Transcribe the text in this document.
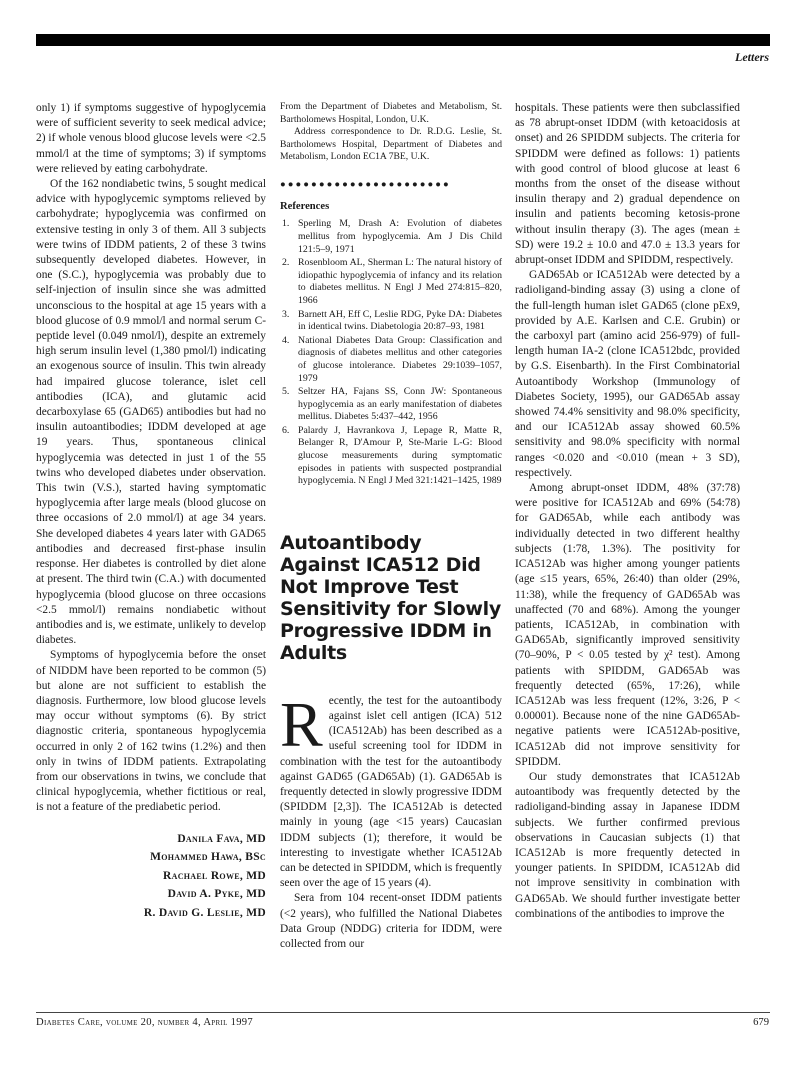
Letters

only 1) if symptoms suggestive of hypoglycemia were of sufficient severity to seek medical advice; 2) if whole venous blood glucose levels were <2.5 mmol/l at the time of symptoms; 3) if symptoms were relieved by eating carbohydrate.

Of the 162 nondiabetic twins, 5 sought medical advice with hypoglycemic symptoms relieved by carbohydrate; hypoglycemia was confirmed on extensive testing in only 3 of them. All 3 subjects were twins of IDDM patients, 2 of these 3 twins subsequently developed diabetes. However, in one (S.C.), hypoglycemia was probably due to self-injection of insulin since she was admitted unconscious to the hospital at age 15 years with a blood glucose of 0.9 mmol/l and normal serum C-peptide level (0.049 nmol/l), despite an extremely high serum insulin level (1,380 pmol/l) indicating an exogenous source of insulin. This twin already had impaired glucose tolerance, islet cell antibodies (ICA), and glutamic acid decarboxylase 65 (GAD65) antibodies but had no insulin autoantibodies; IDDM developed at age 19 years. Thus, spontaneous clinical hypoglycemia was detected in just 1 of the 55 twins who developed diabetes under observation. This twin (V.S.), started having symptomatic hypoglycemia after large meals (blood glucose on three occasions of 2.0 mmol/l) at age 34 years. She developed diabetes 4 years later with GAD65 antibodies and decreased first-phase insulin response. Her diabetes is controlled by diet alone at present. The third twin (C.A.) with documented hypoglycemia (blood glucose on three occasions <2.5 mmol/l) remains nondiabetic without antibodies and is, we estimate, unlikely to develop diabetes.

Symptoms of hypoglycemia before the onset of NIDDM have been reported to be common (5) but alone are not sufficient to establish the diagnosis. Furthermore, low blood glucose levels may occur without symptoms (6). By strict diagnostic criteria, spontaneous hypoglycemia occurred in only 2 of 162 twins (1.2%) and then only in twins of IDDM patients. Extrapolating from our observations in twins, we conclude that clinical hypoglycemia, whether fictitious or real, is not a feature of the prediabetic period.

Danila Fava, MD
Mohammed Hawa, BSc
Rachael Rowe, MD
David A. Pyke, MD
R. David G. Leslie, MD

From the Department of Diabetes and Metabolism, St. Bartholomews Hospital, London, U.K.

Address correspondence to Dr. R.D.G. Leslie, St. Bartholomews Hospital, Department of Diabetes and Metabolism, London EC1A 7BE, U.K.

●●●●●●●●●●●●●●●●●●●●●●
References
1. Sperling M, Drash A: Evolution of diabetes mellitus from hypoglycemia. Am J Dis Child 121:5–9, 1971
2. Rosenbloom AL, Sherman L: The natural history of idiopathic hypoglycemia of infancy and its relation to diabetes mellitus. N Engl J Med 274:815–820, 1966
3. Barnett AH, Eff C, Leslie RDG, Pyke DA: Diabetes in identical twins. Diabetologia 20:87–93, 1981
4. National Diabetes Data Group: Classification and diagnosis of diabetes mellitus and other categories of glucose intolerance. Diabetes 29:1039–1057, 1979
5. Seltzer HA, Fajans SS, Conn JW: Spontaneous hypoglycemia as an early manifestation of diabetes mellitus. Diabetes 5:437–442, 1956
6. Palardy J, Havrankova J, Lepage R, Matte R, Belanger R, D'Amour P, Ste-Marie L-G: Blood glucose measurements during symptomatic episodes in patients with suspected postprandial hypoglycemia. N Engl J Med 321:1421–1425, 1989
Autoantibody Against ICA512 Did Not Improve Test Sensitivity for Slowly Progressive IDDM in Adults

Recently, the test for the autoantibody against islet cell antigen (ICA) 512 (ICA512Ab) has been described as a useful screening tool for IDDM in combination with the test for the autoantibody against GAD65 (GAD65Ab) (1). GAD65Ab is frequently detected in slowly progressive IDDM (SPIDDM [2,3]). The ICA512Ab is detected mainly in young (age <15 years) Caucasian IDDM subjects (1); therefore, it would be interesting to investigate whether ICA512Ab can be detected in SPIDDM, which is frequently seen over the age of 15 years (4).

Sera from 104 recent-onset IDDM patients (<2 years), who fulfilled the National Diabetes Data Group (NDDG) criteria for IDDM, were collected from our

hospitals. These patients were then subclassified as 78 abrupt-onset IDDM (with ketoacidosis at onset) and 26 SPIDDM subjects. The criteria for SPIDDM were defined as follows: 1) patients with good control of blood glucose at least 6 months from the onset of the disease without insulin therapy and 2) gradual dependence on insulin and patients becoming ketosis-prone without insulin therapy (3). The ages (mean ± SD) were 19.2 ± 10.0 and 47.0 ± 13.3 years for abrupt-onset IDDM and SPIDDM, respectively.

GAD65Ab or ICA512Ab were detected by a radioligand-binding assay (3) using a clone of the full-length human islet GAD65 (clone pEx9, provided by A.E. Karlsen and C.E. Grubin) or the carboxyl part (amino acid 256-979) of full-length human IA-2 (clone ICA512bdc, provided by G.S. Eisenbarth). In the First Combinatorial Autoantibody Workshop (Immunology of Diabetes Society, 1995), our GAD65Ab assay showed 74.4% sensitivity and 98.0% specificity, and our ICA512Ab assay showed 60.5% sensitivity and 98.0% specificity with normal ranges <0.020 and <0.010 (mean + 3 SD), respectively.

Among abrupt-onset IDDM, 48% (37:78) were positive for ICA512Ab and 69% (54:78) for GAD65Ab, while each antibody was individually detected in two different healthy subjects (1:78, 1.3%). The positivity for ICA512Ab was higher among younger patients (age ≤15 years, 65%, 26:40) than older (29%, 11:38), while the frequency of GAD65Ab was unaffected (70 and 68%). Among the younger patients, ICA512Ab, in combination with GAD65Ab, significantly improved sensitivity (70–90%, P < 0.05 tested by χ² test). Among patients with SPIDDM, GAD65Ab was frequently detected (65%, 17:26), while ICA512Ab was less frequent (12%, 3:26, P < 0.00001). Because none of the nine GAD65Ab-negative patients were ICA512Ab-positive, ICA512Ab did not improve sensitivity for SPIDDM.

Our study demonstrates that ICA512Ab autoantibody was frequently detected by the radioligand-binding assay in Japanese IDDM subjects. We further confirmed previous observations in Caucasian subjects (1) that ICA512Ab is more frequently detected in younger patients. In SPIDDM, ICA512Ab did not improve sensitivity in combination with GAD65Ab. We should further investigate better combinations of the antibodies to improve the

Diabetes Care, volume 20, number 4, April 1997	679
